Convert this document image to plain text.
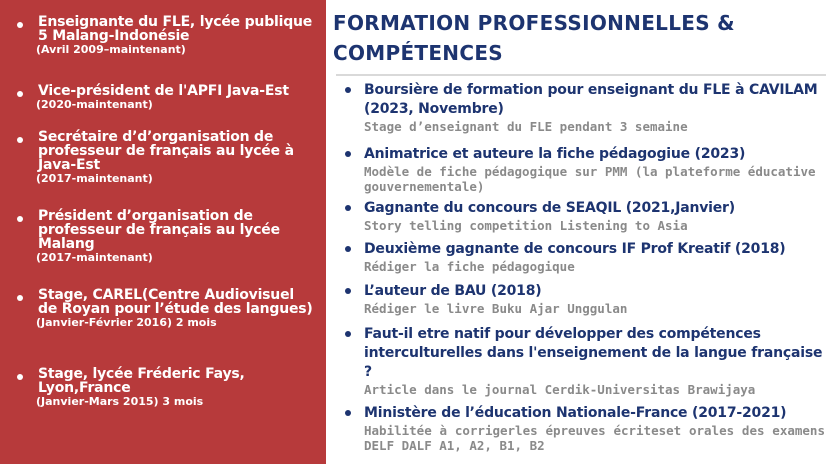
Enseignante du FLE, lycée publique 5 Malang-Indonésie
(Avril 2009–maintenant)
Vice-président de l'APFI Java-Est
(2020-maintenant)
Secrétaire d’d’organisation de professeur de français au lycée à Java-Est
(2017-maintenant)
Président d’organisation de professeur de français au lycée Malang
(2017-maintenant)
Stage, CAREL(Centre Audiovisuel de Royan pour l’étude des langues)
(Janvier-Février 2016) 2 mois
Stage, lycée Fréderic Fays, Lyon,France
(Janvier-Mars 2015) 3 mois
FORMATION PROFESSIONNELLES & COMPÉTENCES
Boursière de formation pour enseignant du FLE à CAVILAM (2023, Novembre)
Stage d’enseignant du FLE pendant 3 semaine
Animatrice et auteure la fiche pédagogiue (2023)
Modèle de fiche pédagogique sur PMM (la plateforme éducative gouvernementale)
Gagnante du concours de SEAQIL (2021,Janvier)
Story telling competition Listening to Asia
Deuxième gagnante de concours IF Prof Kreatif (2018)
Rédiger la fiche pédagogique
L’auteur de BAU (2018)
Rédiger le livre Buku Ajar Unggulan
Faut-il etre natif pour développer des compétences interculturelles dans l'enseignement de la langue française ?
Article dans le journal Cerdik-Universitas Brawijaya
Ministère de l’éducation Nationale-France (2017-2021)
Habilitée à corrigerles épreuves écriteset orales des examens DELF DALF A1, A2, B1, B2
